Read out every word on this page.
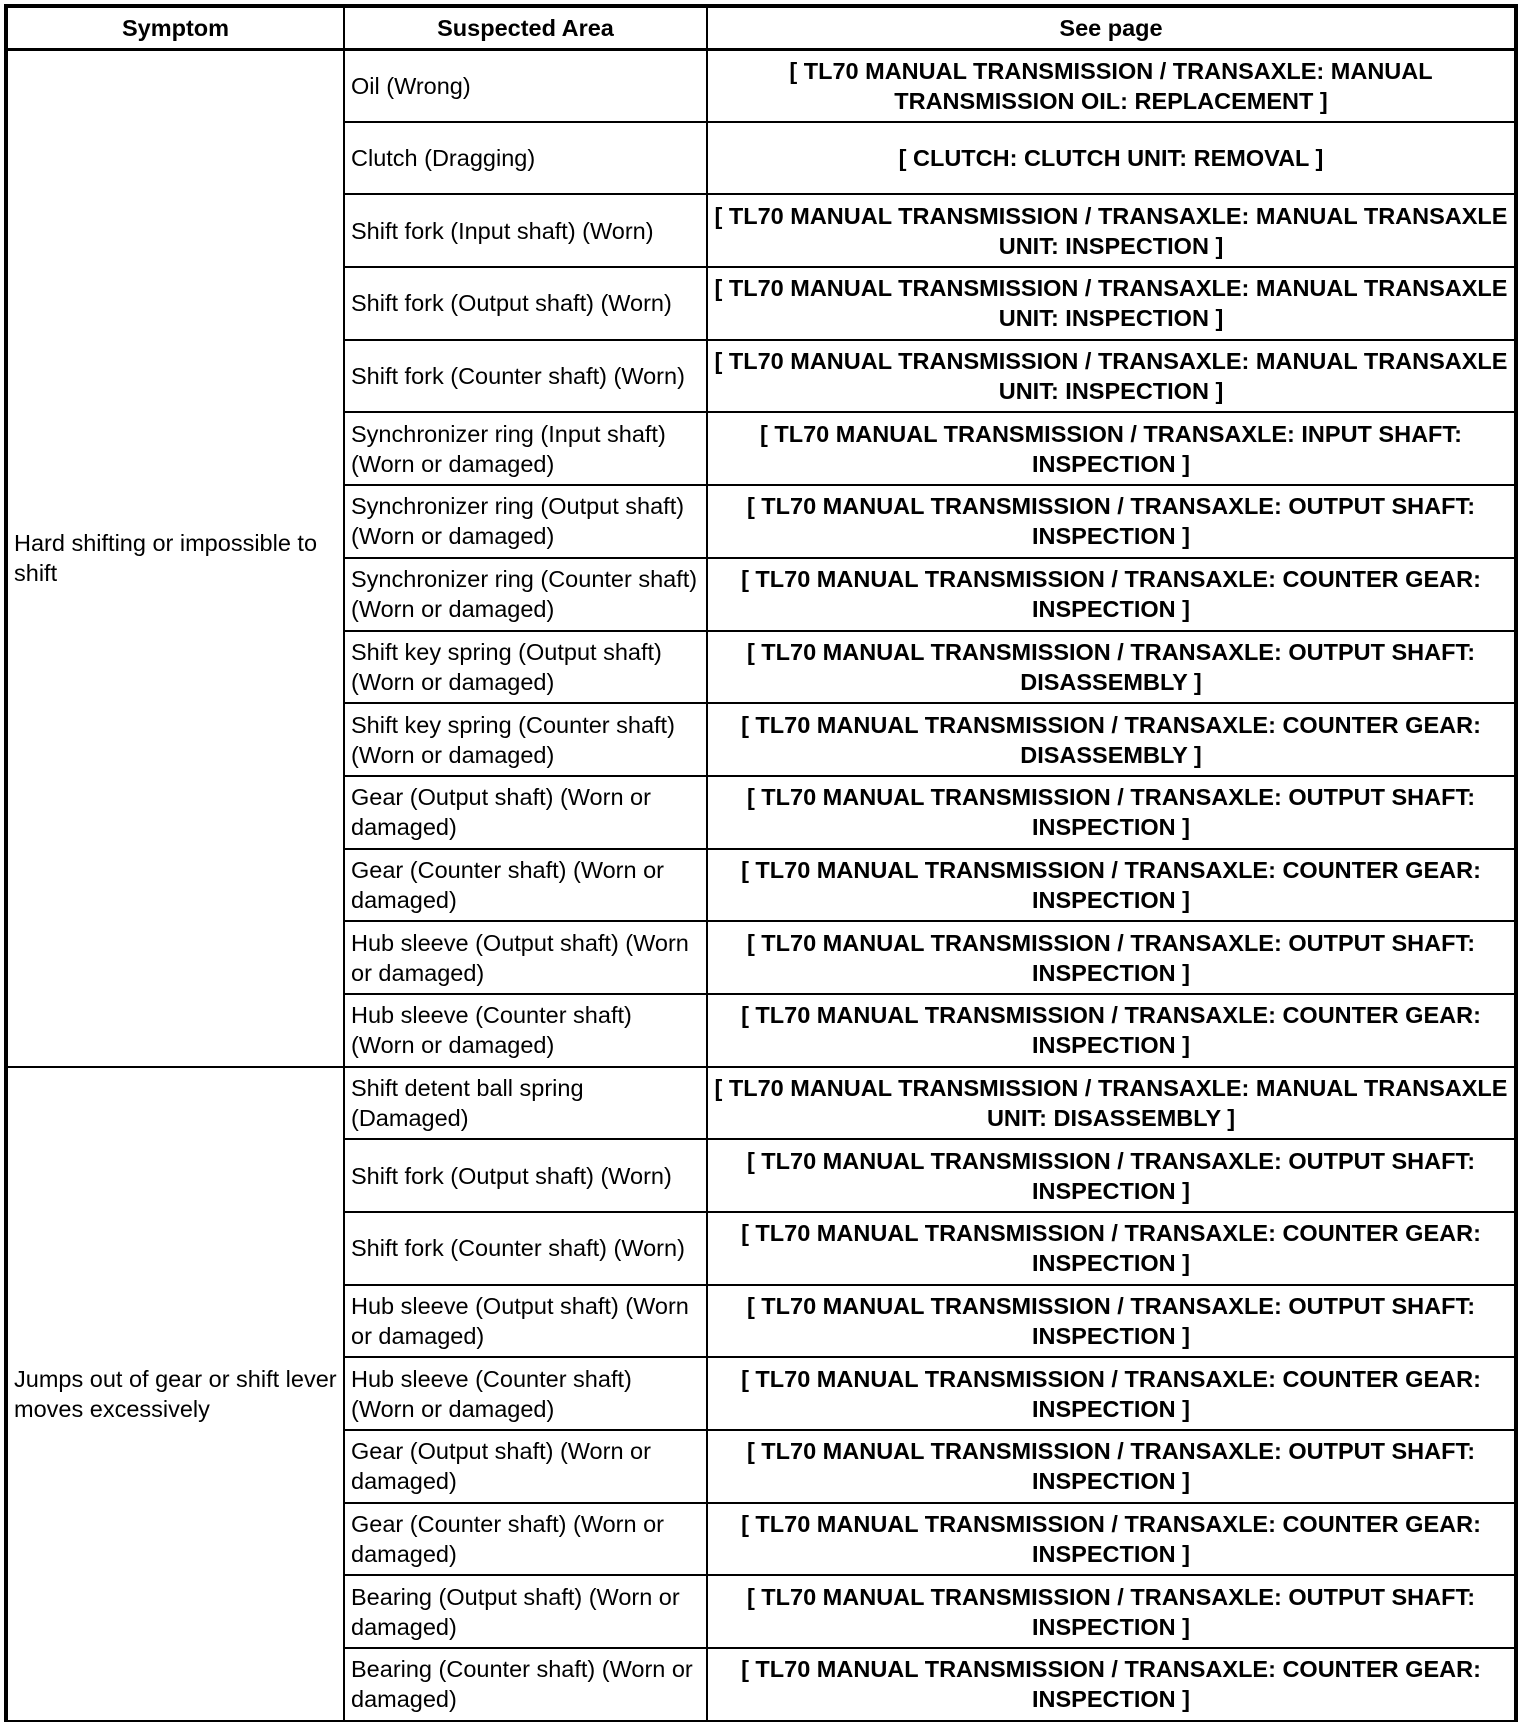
Symptom	Suspected Area	See page
Hard shifting or impossible to shift	Oil (Wrong)	[ TL70 MANUAL TRANSMISSION / TRANSAXLE: MANUAL TRANSMISSION OIL: REPLACEMENT ]
	Clutch (Dragging)	[ CLUTCH: CLUTCH UNIT: REMOVAL ]
	Shift fork (Input shaft) (Worn)	[ TL70 MANUAL TRANSMISSION / TRANSAXLE: MANUAL TRANSAXLE UNIT: INSPECTION ]
	Shift fork (Output shaft) (Worn)	[ TL70 MANUAL TRANSMISSION / TRANSAXLE: MANUAL TRANSAXLE UNIT: INSPECTION ]
	Shift fork (Counter shaft) (Worn)	[ TL70 MANUAL TRANSMISSION / TRANSAXLE: MANUAL TRANSAXLE UNIT: INSPECTION ]
	Synchronizer ring (Input shaft) (Worn or damaged)	[ TL70 MANUAL TRANSMISSION / TRANSAXLE: INPUT SHAFT: INSPECTION ]
	Synchronizer ring (Output shaft) (Worn or damaged)	[ TL70 MANUAL TRANSMISSION / TRANSAXLE: OUTPUT SHAFT: INSPECTION ]
	Synchronizer ring (Counter shaft) (Worn or damaged)	[ TL70 MANUAL TRANSMISSION / TRANSAXLE: COUNTER GEAR: INSPECTION ]
	Shift key spring (Output shaft) (Worn or damaged)	[ TL70 MANUAL TRANSMISSION / TRANSAXLE: OUTPUT SHAFT: DISASSEMBLY ]
	Shift key spring (Counter shaft) (Worn or damaged)	[ TL70 MANUAL TRANSMISSION / TRANSAXLE: COUNTER GEAR: DISASSEMBLY ]
	Gear (Output shaft) (Worn or damaged)	[ TL70 MANUAL TRANSMISSION / TRANSAXLE: OUTPUT SHAFT: INSPECTION ]
	Gear (Counter shaft) (Worn or damaged)	[ TL70 MANUAL TRANSMISSION / TRANSAXLE: COUNTER GEAR: INSPECTION ]
	Hub sleeve (Output shaft) (Worn or damaged)	[ TL70 MANUAL TRANSMISSION / TRANSAXLE: OUTPUT SHAFT: INSPECTION ]
	Hub sleeve (Counter shaft) (Worn or damaged)	[ TL70 MANUAL TRANSMISSION / TRANSAXLE: COUNTER GEAR: INSPECTION ]
Jumps out of gear or shift lever moves excessively	Shift detent ball spring (Damaged)	[ TL70 MANUAL TRANSMISSION / TRANSAXLE: MANUAL TRANSAXLE UNIT: DISASSEMBLY ]
	Shift fork (Output shaft) (Worn)	[ TL70 MANUAL TRANSMISSION / TRANSAXLE: OUTPUT SHAFT: INSPECTION ]
	Shift fork (Counter shaft) (Worn)	[ TL70 MANUAL TRANSMISSION / TRANSAXLE: COUNTER GEAR: INSPECTION ]
	Hub sleeve (Output shaft) (Worn or damaged)	[ TL70 MANUAL TRANSMISSION / TRANSAXLE: OUTPUT SHAFT: INSPECTION ]
	Hub sleeve (Counter shaft) (Worn or damaged)	[ TL70 MANUAL TRANSMISSION / TRANSAXLE: COUNTER GEAR: INSPECTION ]
	Gear (Output shaft) (Worn or damaged)	[ TL70 MANUAL TRANSMISSION / TRANSAXLE: OUTPUT SHAFT: INSPECTION ]
	Gear (Counter shaft) (Worn or damaged)	[ TL70 MANUAL TRANSMISSION / TRANSAXLE: COUNTER GEAR: INSPECTION ]
	Bearing (Output shaft) (Worn or damaged)	[ TL70 MANUAL TRANSMISSION / TRANSAXLE: OUTPUT SHAFT: INSPECTION ]
	Bearing (Counter shaft) (Worn or damaged)	[ TL70 MANUAL TRANSMISSION / TRANSAXLE: COUNTER GEAR: INSPECTION ]
